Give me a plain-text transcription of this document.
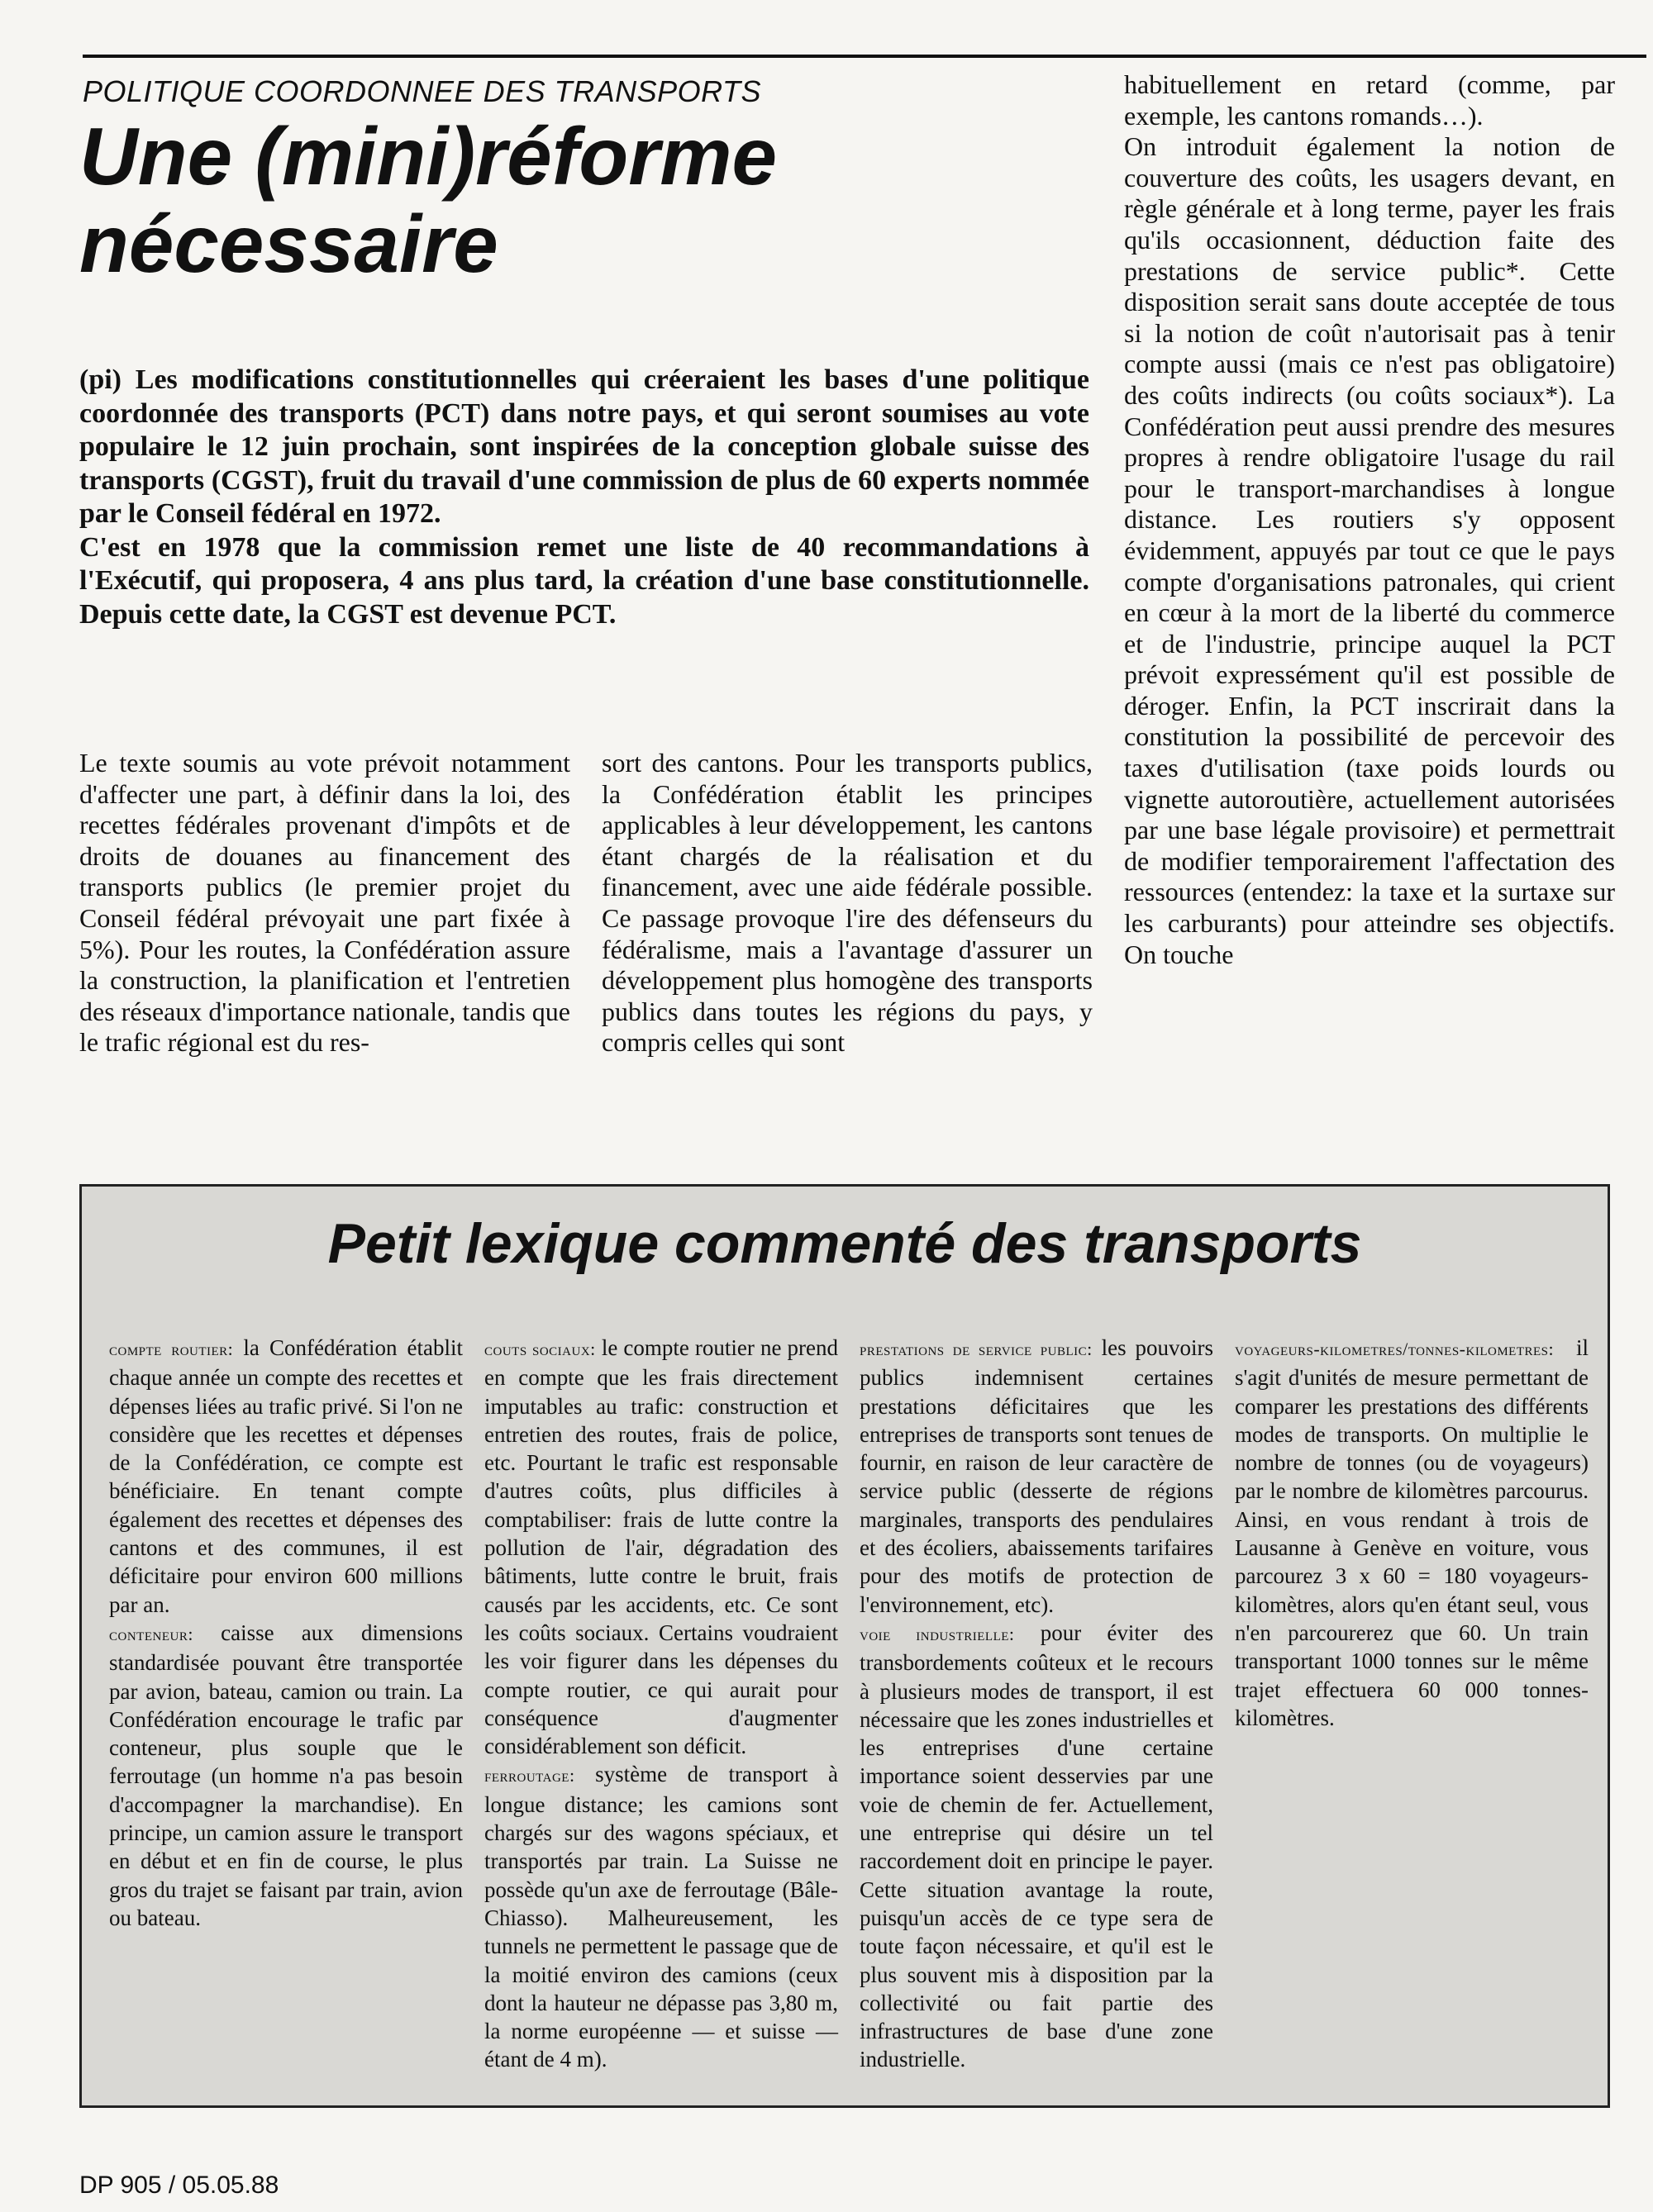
POLITIQUE COORDONNEE DES TRANSPORTS
Une (mini)réforme nécessaire

(pi) Les modifications constitutionnelles qui créeraient les bases d'une politique coordonnée des transports (PCT) dans notre pays, et qui seront soumises au vote populaire le 12 juin prochain, sont inspirées de la conception globale suisse des transports (CGST), fruit du travail d'une commission de plus de 60 experts nommée par le Conseil fédéral en 1972.

C'est en 1978 que la commission remet une liste de 40 recommandations à l'Exécutif, qui proposera, 4 ans plus tard, la création d'une base constitutionnelle. Depuis cette date, la CGST est devenue PCT.

Le texte soumis au vote prévoit notamment d'affecter une part, à définir dans la loi, des recettes fédérales provenant d'impôts et de droits de douanes au financement des transports publics (le premier projet du Conseil fédéral prévoyait une part fixée à 5%). Pour les routes, la Confédération assure la construction, la planification et l'entretien des réseaux d'importance nationale, tandis que le trafic régional est du res-

sort des cantons. Pour les transports publics, la Confédération établit les principes applicables à leur développement, les cantons étant chargés de la réalisation et du financement, avec une aide fédérale possible. Ce passage provoque l'ire des défenseurs du fédéralisme, mais a l'avantage d'assurer un développement plus homogène des transports publics dans toutes les régions du pays, y compris celles qui sont

habituellement en retard (comme, par exemple, les cantons romands…).

On introduit également la notion de couverture des coûts, les usagers devant, en règle générale et à long terme, payer les frais qu'ils occasionnent, déduction faite des prestations de service public*. Cette disposition serait sans doute acceptée de tous si la notion de coût n'autorisait pas à tenir compte aussi (mais ce n'est pas obligatoire) des coûts indirects (ou coûts sociaux*). La Confédération peut aussi prendre des mesures propres à rendre obligatoire l'usage du rail pour le transport-marchandises à longue distance. Les routiers s'y opposent évidemment, appuyés par tout ce que le pays compte d'organisations patronales, qui crient en cœur à la mort de la liberté du commerce et de l'industrie, principe auquel la PCT prévoit expressément qu'il est possible de déroger. Enfin, la PCT inscrirait dans la constitution la possibilité de percevoir des taxes d'utilisation (taxe poids lourds ou vignette autoroutière, actuellement autorisées par une base légale provisoire) et permettrait de modifier temporairement l'affectation des ressources (entendez: la taxe et la surtaxe sur les carburants) pour atteindre ses objectifs. On touche

Petit lexique commenté des transports

compte routier: la Confédération établit chaque année un compte des recettes et dépenses liées au trafic privé. Si l'on ne considère que les recettes et dépenses de la Confédération, ce compte est bénéficiaire. En tenant compte également des recettes et dépenses des cantons et des communes, il est déficitaire pour environ 600 millions par an.

conteneur: caisse aux dimensions standardisée pouvant être transportée par avion, bateau, camion ou train. La Confédération encourage le trafic par conteneur, plus souple que le ferroutage (un homme n'a pas besoin d'accompagner la marchandise). En principe, un camion assure le transport en début et en fin de course, le plus gros du trajet se faisant par train, avion ou bateau.

couts sociaux: le compte routier ne prend en compte que les frais directement imputables au trafic: construction et entretien des routes, frais de police, etc. Pourtant le trafic est responsable d'autres coûts, plus difficiles à comptabiliser: frais de lutte contre la pollution de l'air, dégradation des bâtiments, lutte contre le bruit, frais causés par les accidents, etc. Ce sont les coûts sociaux. Certains voudraient les voir figurer dans les dépenses du compte routier, ce qui aurait pour conséquence d'augmenter considérablement son déficit.

ferroutage: système de transport à longue distance; les camions sont chargés sur des wagons spéciaux, et transportés par train. La Suisse ne possède qu'un axe de ferroutage (Bâle-Chiasso). Malheureusement, les tunnels ne permettent le passage que de la moitié environ des camions (ceux dont la hauteur ne dépasse pas 3,80 m, la norme européenne — et suisse — étant de 4 m).

prestations de service public: les pouvoirs publics indemnisent certaines prestations déficitaires que les entreprises de transports sont tenues de fournir, en raison de leur caractère de service public (desserte de régions marginales, transports des pendulaires et des écoliers, abaissements tarifaires pour des motifs de protection de l'environnement, etc).

voie industrielle: pour éviter des transbordements coûteux et le recours à plusieurs modes de transport, il est nécessaire que les zones industrielles et les entreprises d'une certaine importance soient desservies par une voie de chemin de fer. Actuellement, une entreprise qui désire un tel raccordement doit en principe le payer. Cette situation avantage la route, puisqu'un accès de ce type sera de toute façon nécessaire, et qu'il est le plus souvent mis à disposition par la collectivité ou fait partie des infrastructures de base d'une zone industrielle.

voyageurs-kilometres/tonnes-kilometres: il s'agit d'unités de mesure permettant de comparer les prestations des différents modes de transports. On multiplie le nombre de tonnes (ou de voyageurs) par le nombre de kilomètres parcourus. Ainsi, en vous rendant à trois de Lausanne à Genève en voiture, vous parcourez 3 x 60 = 180 voyageurs-kilomètres, alors qu'en étant seul, vous n'en parcourerez que 60. Un train transportant 1000 tonnes sur le même trajet effectuera 60 000 tonnes-kilomètres.

DP 905 / 05.05.88
